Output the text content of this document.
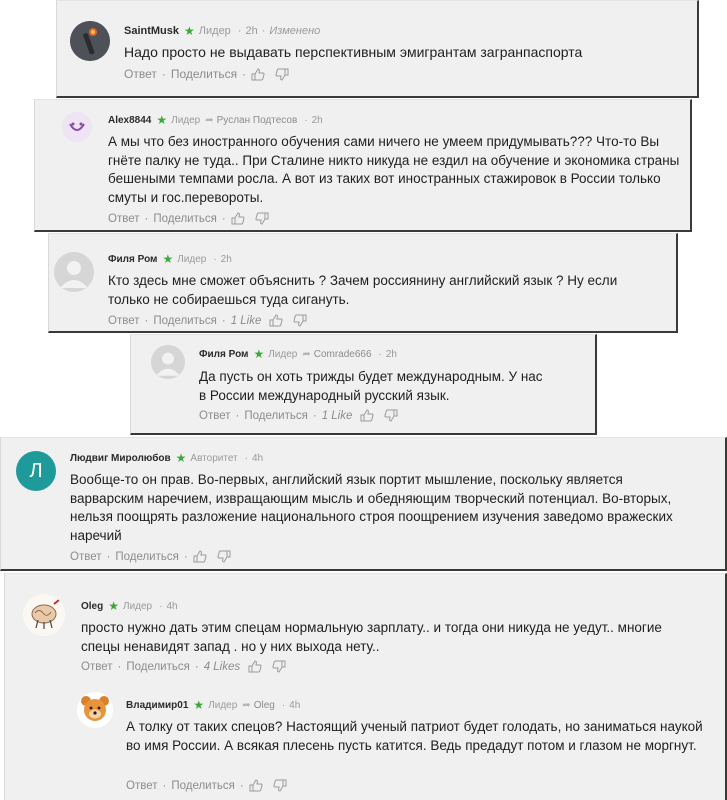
SaintMusk ★ Лидер · 2h · Изменено
Надо просто не выдавать перспективным эмигрантам загранпаспорта
Ответ · Поделиться ·
Alex8844 ★ Лидер ➦ Руслан Подтесов · 2h
А мы что без иностранного обучения сами ничего не умеем придумывать??? Что-то Вы гнёте палку не туда.. При Сталине никто никуда не ездил на обучение и экономика страны бешеными темпами росла. А вот из таких вот иностранных стажировок в России только смуты и гос.перевороты.
Ответ · Поделиться ·
Филя Ром ★ Лидер · 2h
Кто здесь мне сможет объяснить ? Зачем россиянину английский язык ? Ну если только не собираешься туда сигануть.
Ответ · Поделиться · 1 Like
Филя Ром ★ Лидер ➦ Comrade666 · 2h
Да пусть он хоть трижды будет международным. У нас в России международный русский язык.
Ответ · Поделиться · 1 Like
Л
Людвиг Миролюбов ★ Авторитет · 4h
Вообще-то он прав. Во-первых, английский язык портит мышление, поскольку является варварским наречием, извращающим мысль и обедняющим творческий потенциал. Во-вторых, нельзя поощрять разложение национального строя поощрением изучения заведомо вражеских наречий
Ответ · Поделиться ·
Oleg ★ Лидер · 4h
просто нужно дать этим спецам нормальную зарплату.. и тогда они никуда не уедут.. многие спецы ненавидят запад . но у них выхода нету..
Ответ · Поделиться · 4 Likes
Владимир01 ★ Лидер ➦ Oleg · 4h
А толку от таких спецов? Настоящий ученый патриот будет голодать, но заниматься наукой во имя России. А всякая плесень пусть катится. Ведь предадут потом и глазом не моргнут.
Ответ · Поделиться ·
